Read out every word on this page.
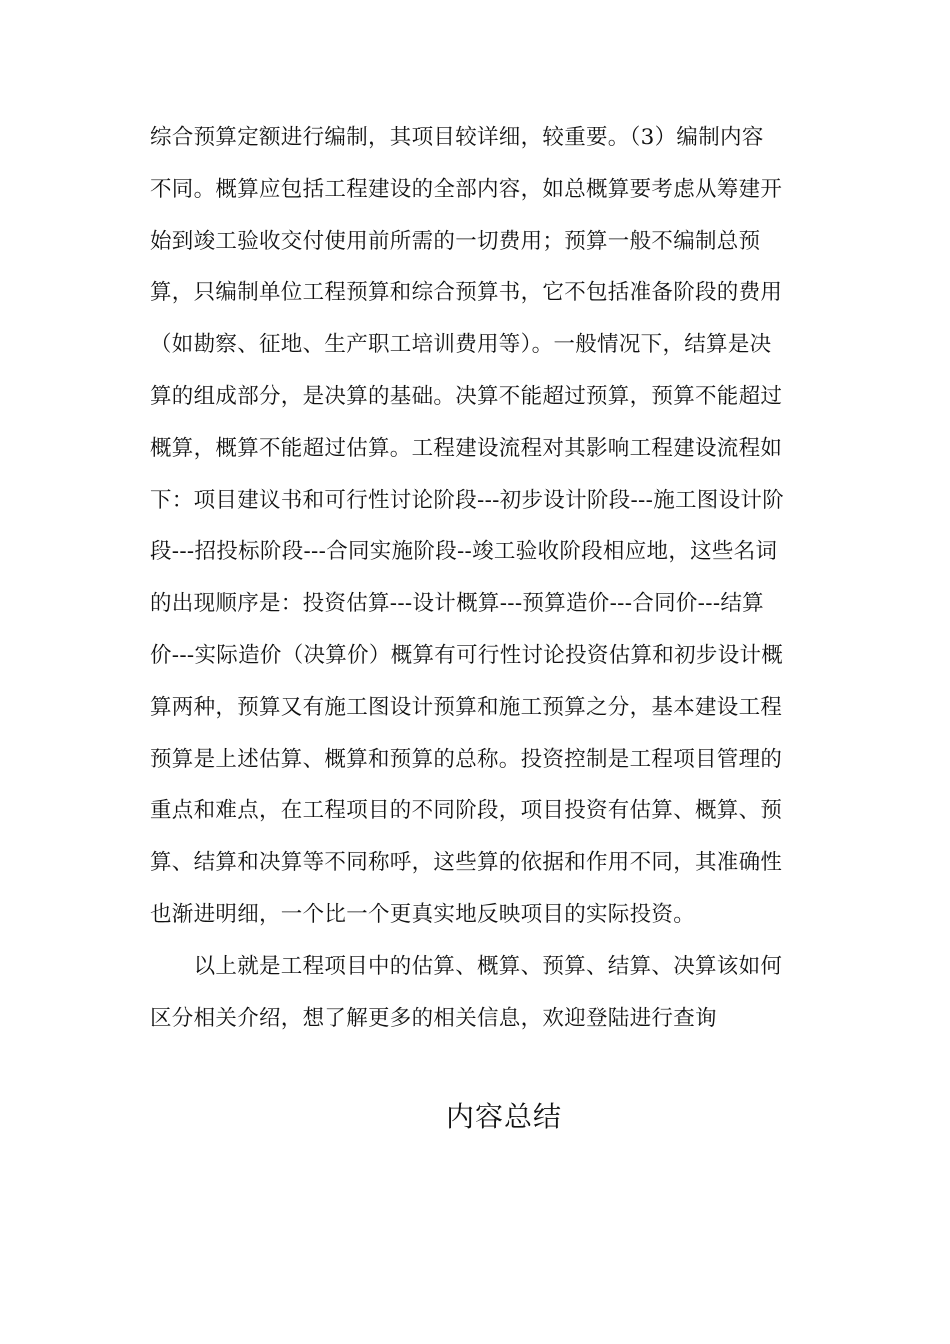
综合预算定额进行编制，其项目较详细，较重要。（3）编制内容
不同。概算应包括工程建设的全部内容，如总概算要考虑从筹建开
始到竣工验收交付使用前所需的一切费用；预算一般不编制总预
算，只编制单位工程预算和综合预算书，它不包括准备阶段的费用
（如勘察、征地、生产职工培训费用等）。一般情况下，结算是决
算的组成部分，是决算的基础。决算不能超过预算，预算不能超过
概算，概算不能超过估算。工程建设流程对其影响工程建设流程如
下：项目建议书和可行性讨论阶段---初步设计阶段---施工图设计阶
段---招投标阶段---合同实施阶段--竣工验收阶段相应地，这些名词
的出现顺序是：投资估算---设计概算---预算造价---合同价---结算
价---实际造价（决算价）概算有可行性讨论投资估算和初步设计概
算两种，预算又有施工图设计预算和施工预算之分，基本建设工程
预算是上述估算、概算和预算的总称。投资控制是工程项目管理的
重点和难点，在工程项目的不同阶段，项目投资有估算、概算、预
算、结算和决算等不同称呼，这些算的依据和作用不同，其准确性
也渐进明细，一个比一个更真实地反映项目的实际投资。
　　以上就是工程项目中的估算、概算、预算、结算、决算该如何
区分相关介绍，想了解更多的相关信息，欢迎登陆进行查询
内容总结
